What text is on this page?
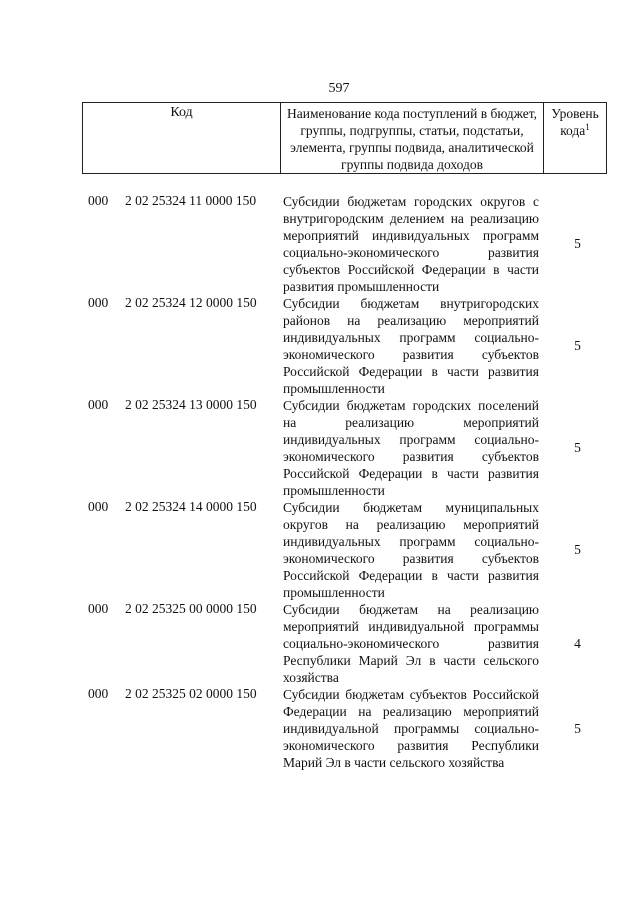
597
Код	Наименование кода поступлений в бюджет, группы, подгруппы, статьи, подстатьи, элемента, группы подвида, аналитической группы подвида доходов
Уровень кода$^1$
000 2 02 25324 11 0000 150 Субсидии бюджетам городских округов с внутригородским делением на реализацию мероприятий индивидуальных программ социально-экономического развития субъектов Российской Федерации в части развития промышленности
5
000 2 02 25324 12 0000 150 Субсидии бюджетам внутригородских районов на реализацию мероприятий индивидуальных программ социально-экономического развития субъектов Российской Федерации в части развития промышленности
5
000 2 02 25324 13 0000 150 Субсидии бюджетам городских поселений на реализацию мероприятий индивидуальных программ социально-экономического развития субъектов Российской Федерации в части развития промышленности
5
000 2 02 25324 14 0000 150 Субсидии бюджетам муниципальных округов на реализацию мероприятий индивидуальных программ социально-экономического развития субъектов Российской Федерации в части развития промышленности
5
000 2 02 25325 00 0000 150 Субсидии бюджетам на реализацию мероприятий индивидуальной программы социально-экономического развития Республики Марий Эл в части сельского хозяйства
4
000 2 02 25325 02 0000 150 Субсидии бюджетам субъектов Российской Федерации на реализацию мероприятий индивидуальной программы социально-экономического развития Республики Марий Эл в части сельского хозяйства
5
